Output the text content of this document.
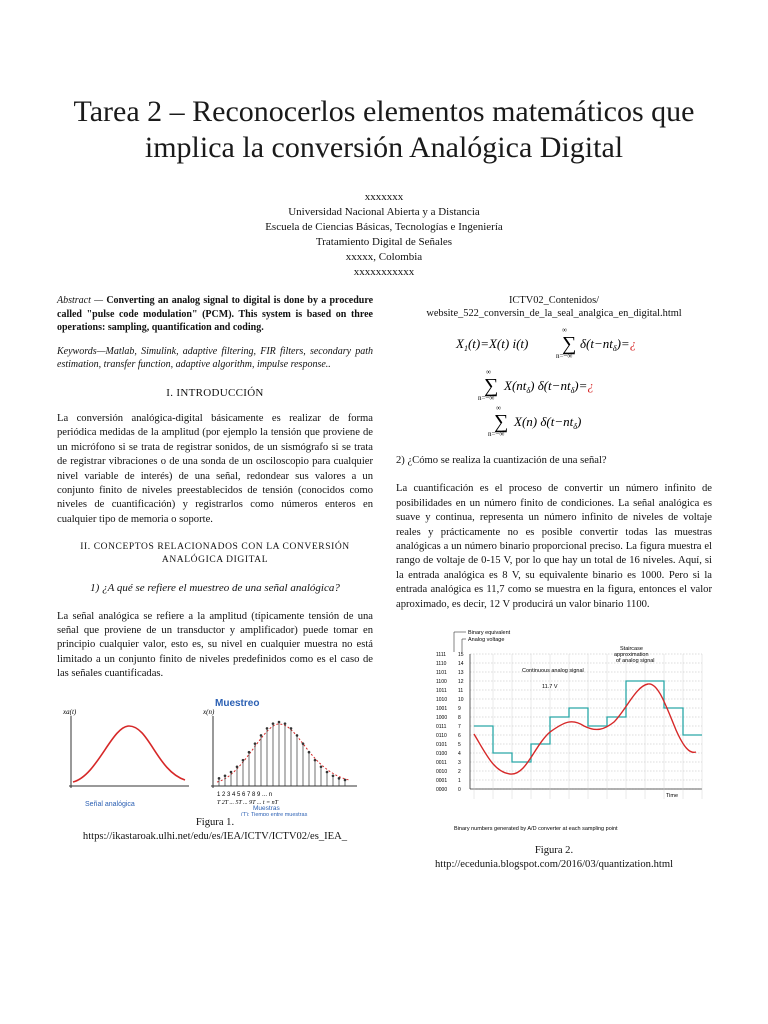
Tarea 2 – Reconocerlos elementos matemáticos que
implica la conversión Analógica Digital
xxxxxxx
Universidad Nacional Abierta y a Distancia
Escuela de Ciencias Básicas, Tecnologías e Ingeniería
Tratamiento Digital de Señales
xxxxx, Colombia
xxxxxxxxxxx

Abstract — Converting an analog signal to digital is done by a procedure called "pulse code modulation" (PCM). This system is based on three operations: sampling, quantification and coding.

Keywords—Matlab, Simulink, adaptive filtering, FIR filters, secondary path estimation, transfer function, adaptive algorithm, impulse response..

I. INTRODUCCIÓN

La conversión analógica-digital básicamente es realizar de forma periódica medidas de la amplitud (por ejemplo la tensión que proviene de un micrófono si se trata de registrar sonidos, de un sismógrafo si se trata de registrar vibraciones o de una sonda de un osciloscopio para cualquier nivel variable de interés) de una señal, redondear sus valores a un conjunto finito de niveles preestablecidos de tensión (conocidos como niveles de cuantificación) y registrarlos como números enteros en cualquier tipo de memoria o soporte.

II. CONCEPTOS RELACIONADOS CON LA CONVERSIÓN ANALÓGICA DIGITAL
1) ¿A qué se refiere el muestreo de una señal analógica?

La señal analógica se refiere a la amplitud (típicamente tensión de una señal que proviene de un transductor y amplificador) puede tomar en principio cualquier valor, esto es, su nivel en cualquier muestra no está limitado a un conjunto finito de niveles predefinidos como es el caso de las señales cuantificadas.

xa(t)
Señal analógica
Muestreo
x(n)
1 2 3 4 5 6 7 8 9 ... n
T 2T ... 5T ... 9T ... t = nT
Muestras
(T): Tiempo entre muestras
Figura 1.
https://ikastaroak.ulhi.net/edu/es/IEA/ICTV/ICTV02/es_IEA_
ICTV02_Contenidos/
website_522_conversin_de_la_seal_analgica_en_digital.html
$X_1(t)=X(t)$ i(t) ∑
∞
n=−∞
$\delta(t-nt_\delta)=¿$
∑
∞
n=−∞
$X(nt_\delta)$ $\delta(t-nt_\delta)=¿$
∑
∞
n=−∞
X(n) $\delta(t-nt_\delta)$
2) ¿Cómo se realiza la cuantización de una señal?

La cuantificación es el proceso de convertir un número infinito de posibilidades en un número finito de condiciones. La señal analógica es suave y continua, representa un número infinito de niveles de voltaje reales y prácticamente no es posible convertir todas las muestras analógicas a un número binario proporcional preciso. La figura muestra el rango de voltaje de 0-15 V, por lo que hay un total de 16 niveles. Aquí, si la entrada analógica es 8 V, su equivalente binario es 1000. Pero si la entrada analógica es 11,7 como se muestra en la figura, entonces el valor aproximado, es decir, 12 V producirá un valor binario 1100.

Binary equivalent
Analog voltage
1111 15
1110 14
1101 13
1100 12
1011 11
1010 10
1001 9
1000 8
0111 7
0110 6
0101 5
0100 4
0011 3
0010 2
0001 1
0000 0
Continuous analog signal
Staircase
approximation
of analog signal
11.7 V
Time
Binary numbers generated by A/D converter at each sampling point
Figura 2.
http://ecedunia.blogspot.com/2016/03/quantization.html
